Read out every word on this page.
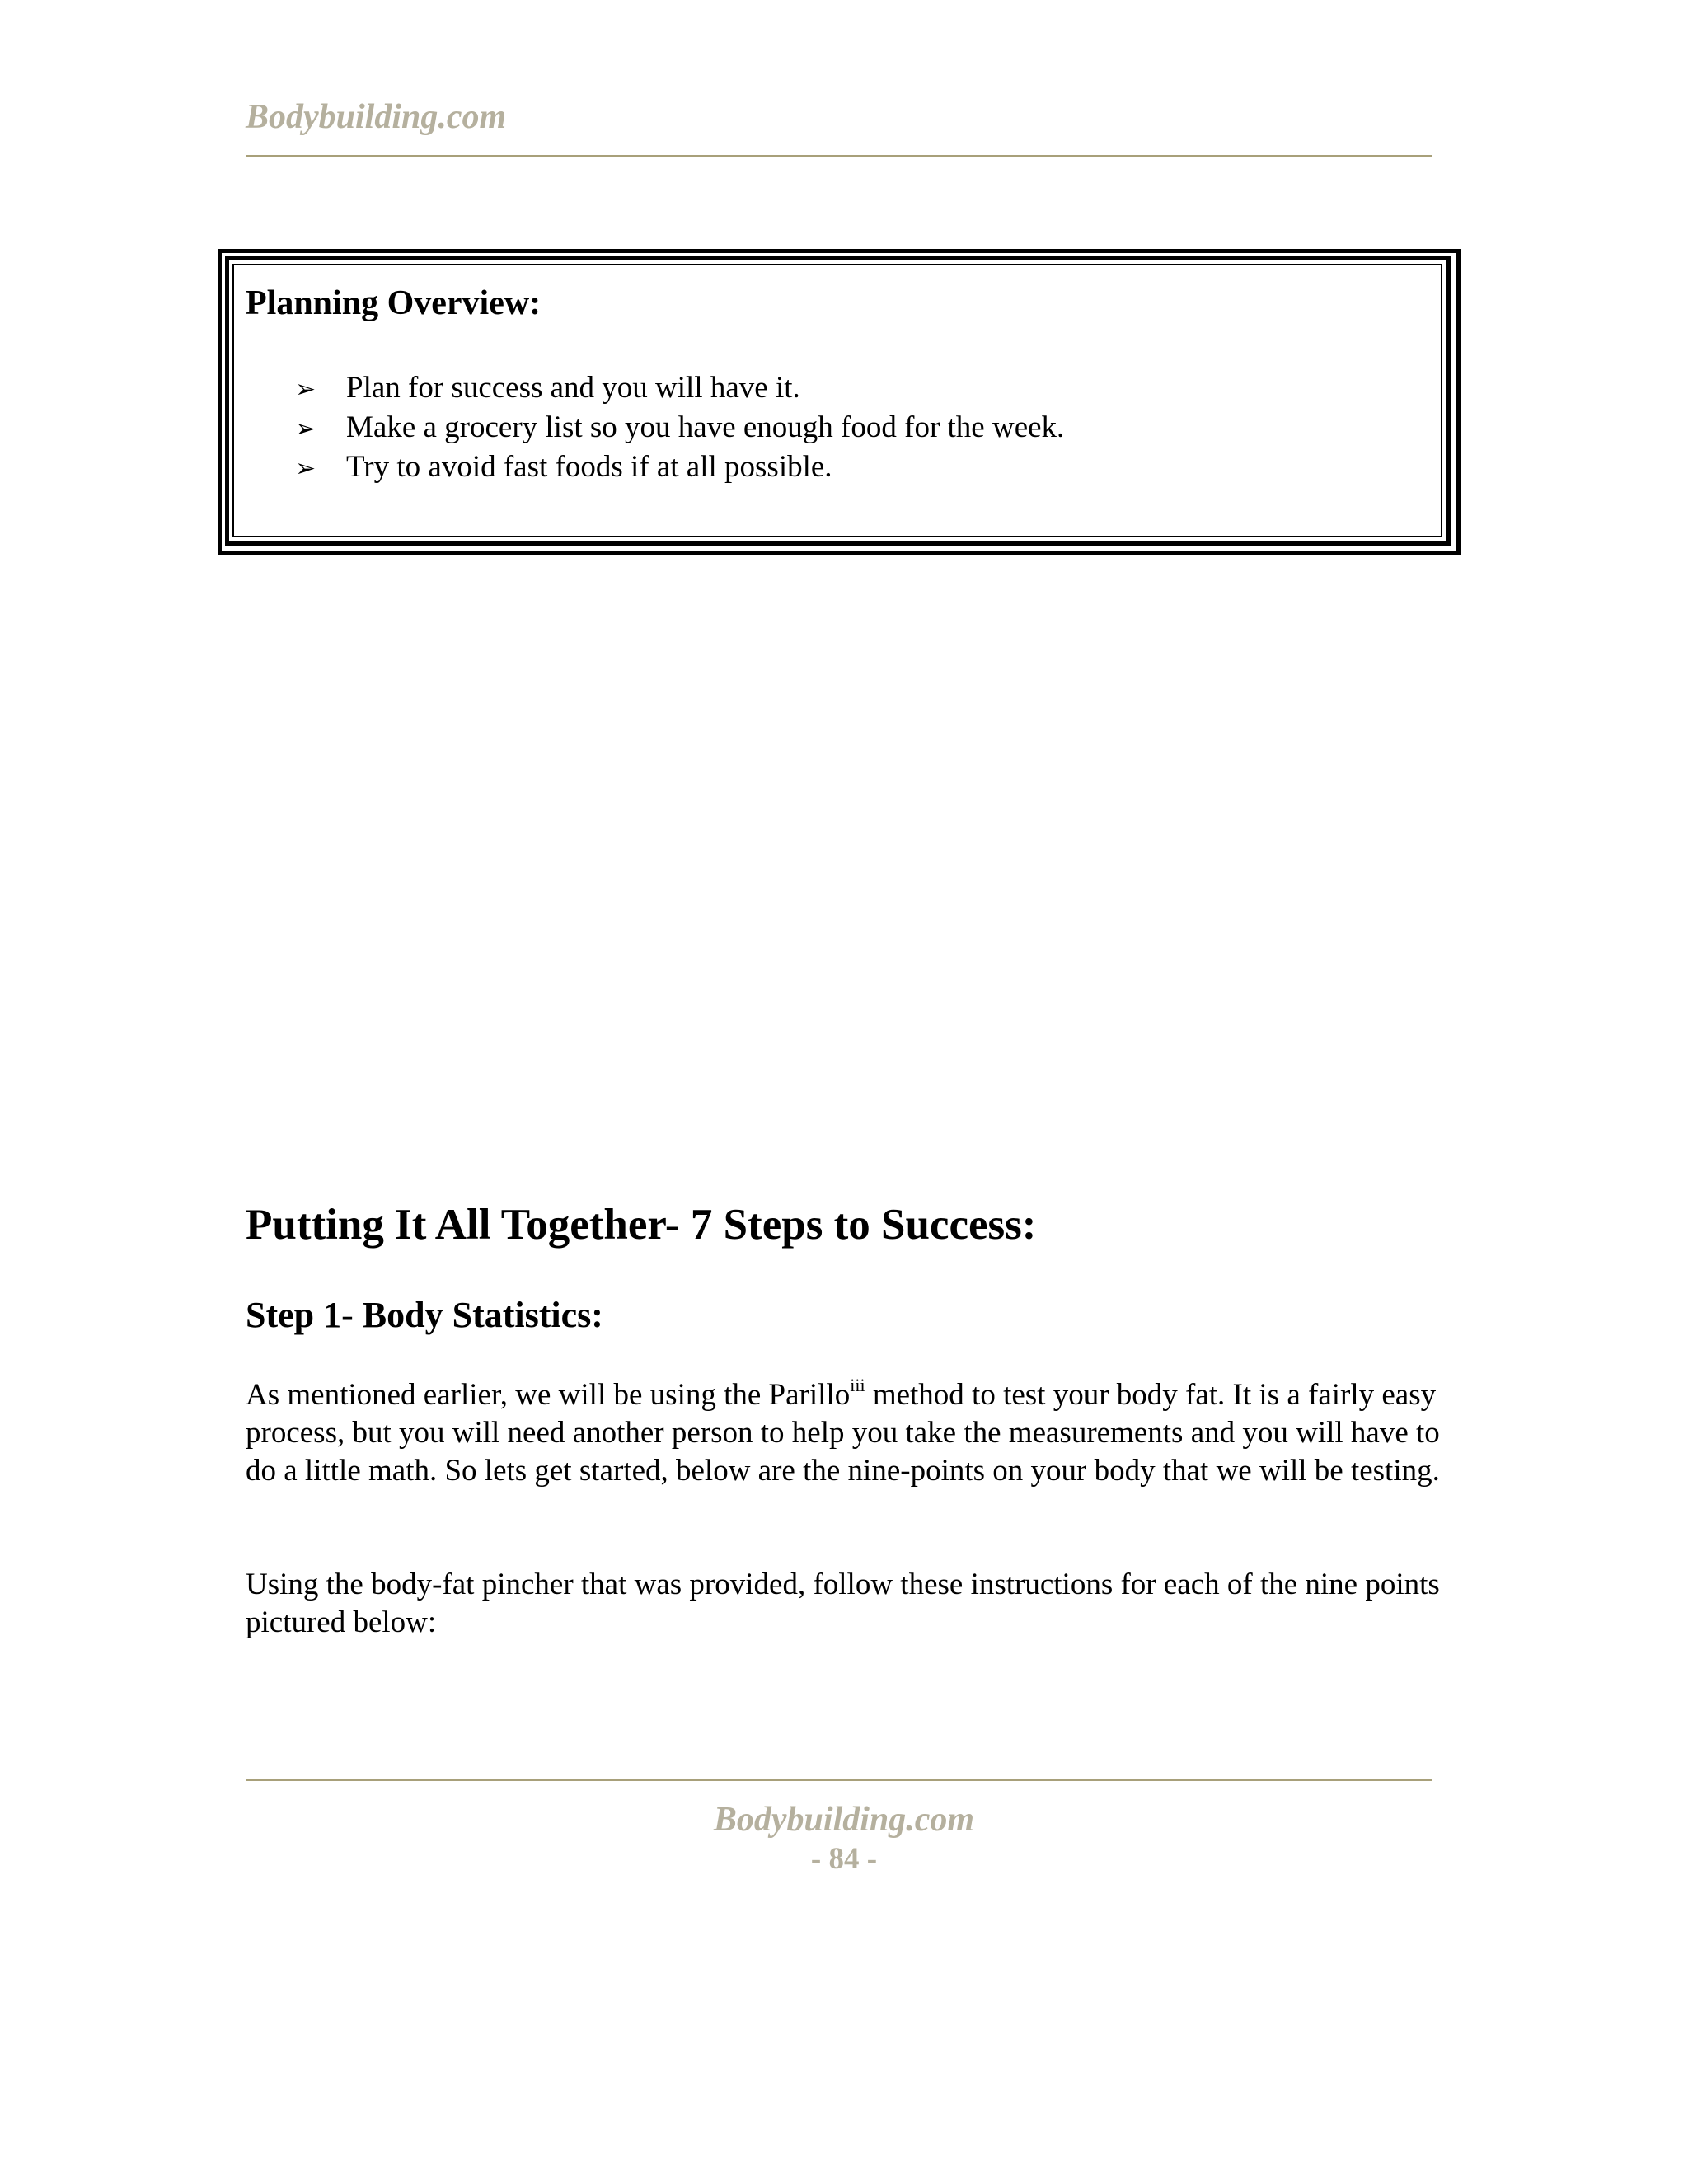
Bodybuilding.com
Planning Overview:
➢ Plan for success and you will have it.
➢ Make a grocery list so you have enough food for the week.
➢ Try to avoid fast foods if at all possible.
Putting It All Together- 7 Steps to Success:
Step 1- Body Statistics:

As mentioned earlier, we will be using the Parillo$^{iii}$ method to test your body fat. It is a fairly easy process, but you will need another person to help you take the measurements and you will have to do a little math. So lets get started, below are the nine-points on your body that we will be testing.

Using the body-fat pincher that was provided, follow these instructions for each of the nine points pictured below:

Bodybuilding.com
- 84 -
